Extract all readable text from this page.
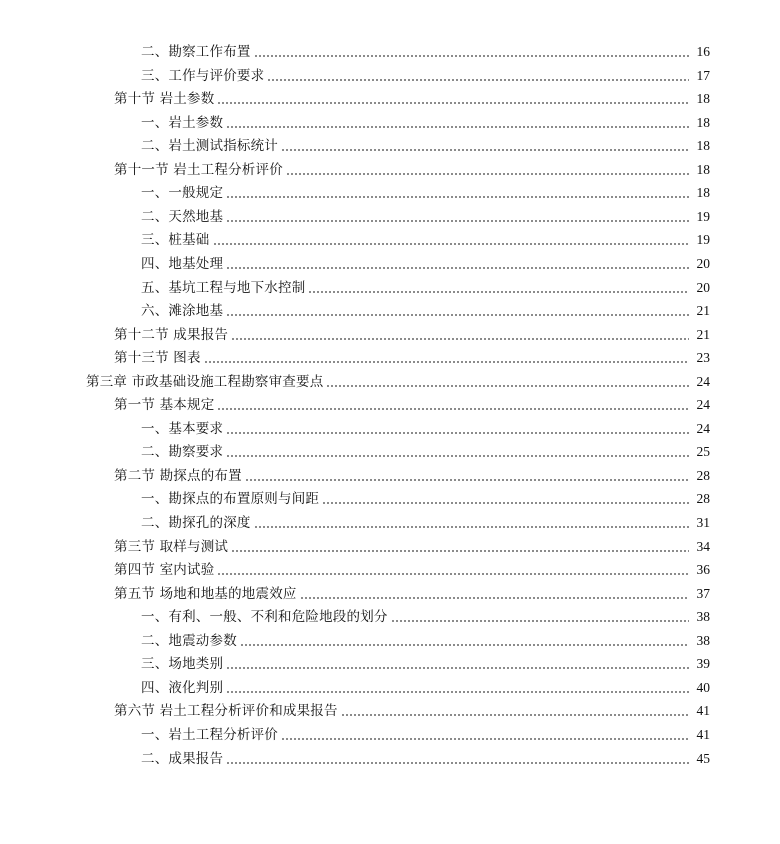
二、勘察工作布置	16
三、工作与评价要求	17
第十节 岩土参数	18
一、岩土参数	18
二、岩土测试指标统计	18
第十一节 岩土工程分析评价	18
一、一般规定	18
二、天然地基	19
三、桩基础	19
四、地基处理	20
五、基坑工程与地下水控制	20
六、滩涂地基	21
第十二节 成果报告	21
第十三节 图表	23
第三章 市政基础设施工程勘察审查要点	24
第一节 基本规定	24
一、基本要求	24
二、勘察要求	25
第二节 勘探点的布置	28
一、勘探点的布置原则与间距	28
二、勘探孔的深度	31
第三节 取样与测试	34
第四节 室内试验	36
第五节 场地和地基的地震效应	37
一、有利、一般、不利和危险地段的划分	38
二、地震动参数	38
三、场地类别	39
四、液化判别	40
第六节 岩土工程分析评价和成果报告	41
一、岩土工程分析评价	41
二、成果报告	45
